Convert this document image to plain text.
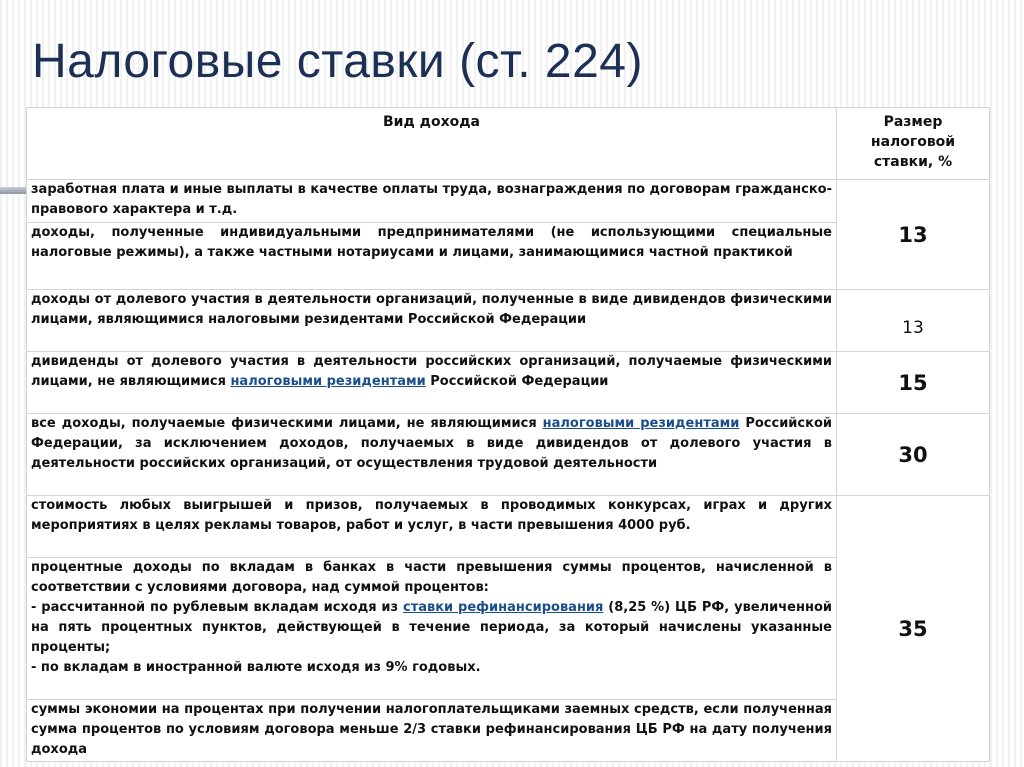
Налоговые ставки (ст. 224)
Вид дохода	Размер налоговой ставки, %
заработная плата и иные выплаты в качестве оплаты труда, вознаграждения по договорам гражданско-правового характера и т.д.	13
доходы, полученные индивидуальными предпринимателями (не использующими специальные налоговые режимы), а также частными нотариусами и лицами, занимающимися частной практикой	
доходы от долевого участия в деятельности организаций, полученные в виде дивидендов физическими лицами, являющимися налоговыми резидентами Российской Федерации	13
дивиденды от долевого участия в деятельности российских организаций, получаемые физическими лицами, не являющимися налоговыми резидентами Российской Федерации	15
все доходы, получаемые физическими лицами, не являющимися налоговыми резидентами Российской Федерации, за исключением доходов, получаемых в виде дивидендов от долевого участия в деятельности российских организаций, от осуществления трудовой деятельности	30
стоимость любых выигрышей и призов, получаемых в проводимых конкурсах, играх и других мероприятиях в целях рекламы товаров, работ и услуг, в части превышения 4000 руб.	35

процентные доходы по вкладам в банках в части превышения суммы процентов, начисленной в соответствии с условиями договора, над суммой процентов:
- рассчитанной по рублевым вкладам исходя из ставки рефинансирования (8,25 %) ЦБ РФ, увеличенной на пять процентных пунктов, действующей в течение периода, за который начислены указанные проценты;
- по вкладам в иностранной валюте исходя из 9% годовых.	

суммы экономии на процентах при получении налогоплательщиками заемных средств, если полученная сумма процентов по условиям договора меньше 2/3 ставки рефинансирования ЦБ РФ на дату получения дохода	
